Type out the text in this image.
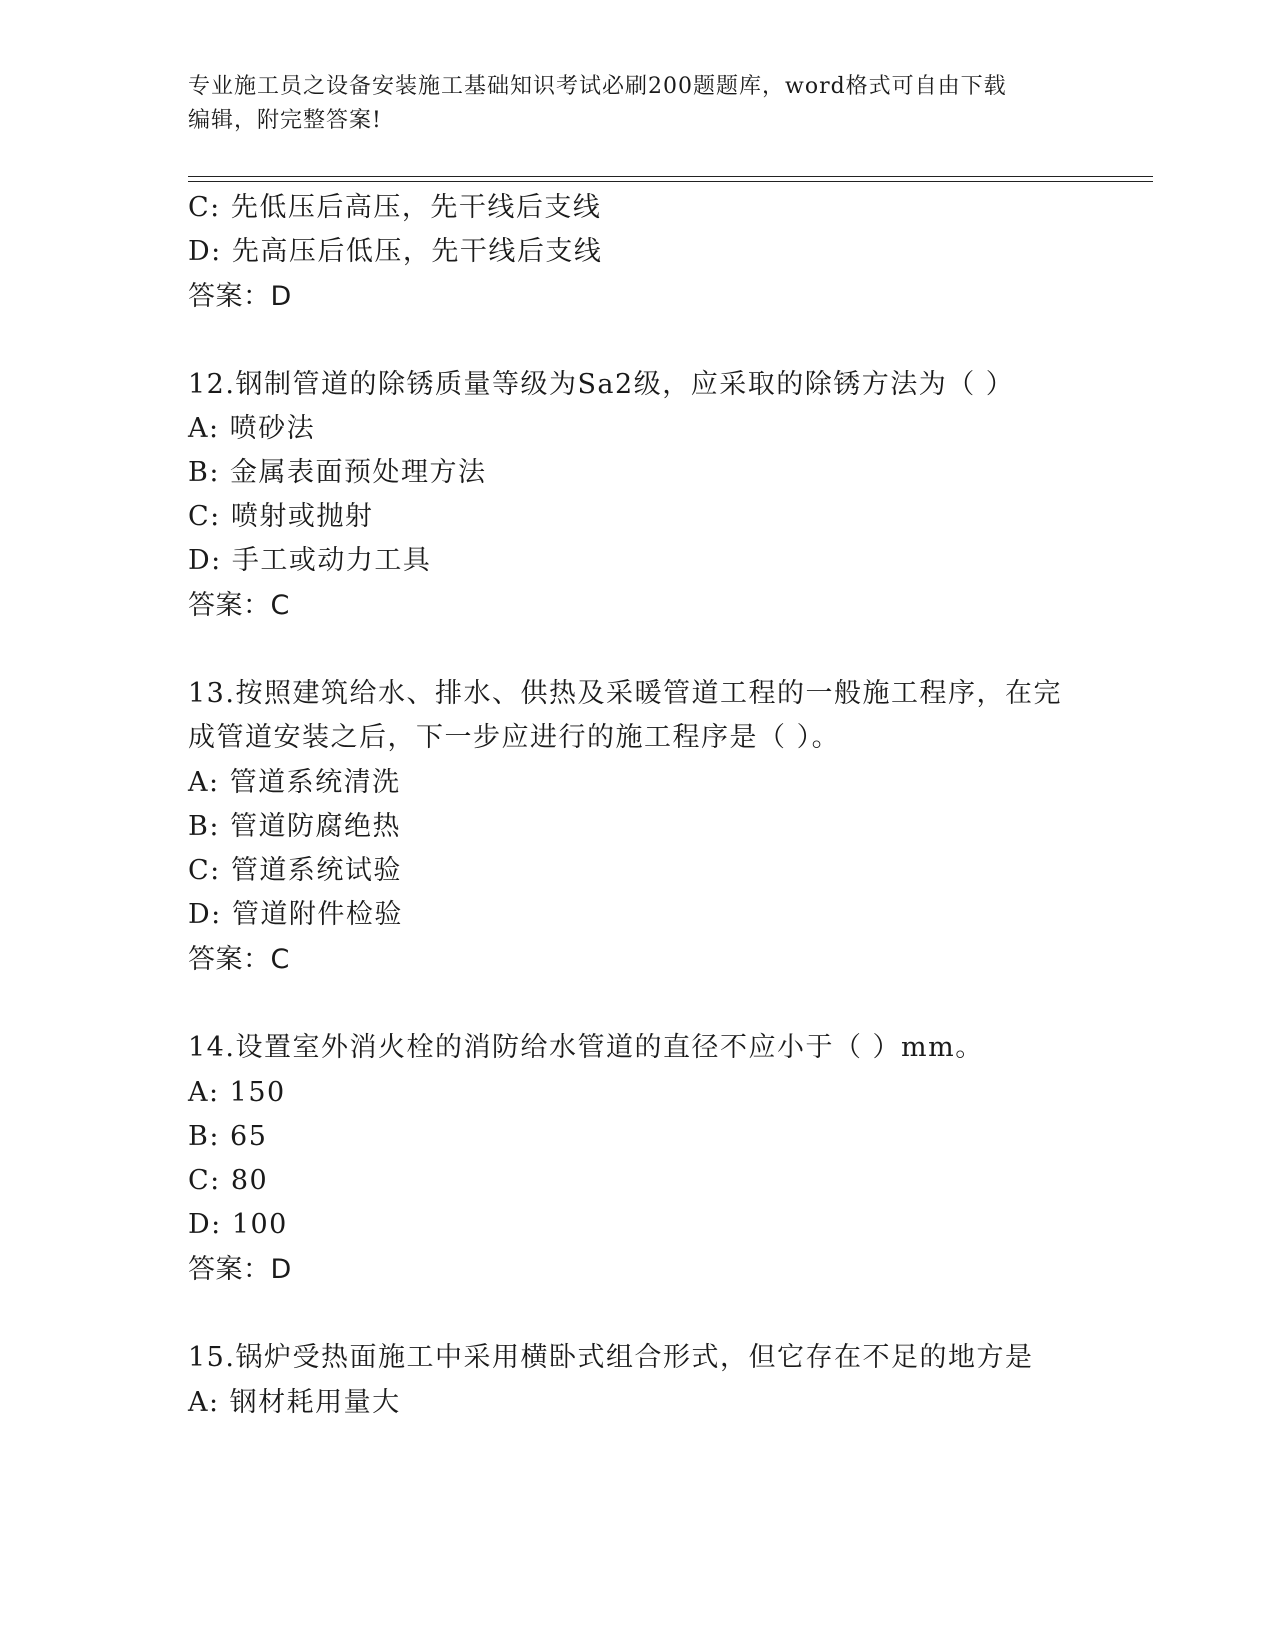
专业施工员之设备安装施工基础知识考试必刷200题题库，word格式可自由下载
编辑，附完整答案!
C: 先低压后高压，先干线后支线
D: 先高压后低压，先干线后支线
答案：D
12.钢制管道的除锈质量等级为Sa2级，应采取的除锈方法为（ ）
A: 喷砂法
B: 金属表面预处理方法
C: 喷射或抛射
D: 手工或动力工具
答案：C
13.按照建筑给水、排水、供热及采暖管道工程的一般施工程序，在完
成管道安装之后，下一步应进行的施工程序是（ ）。
A: 管道系统清洗
B: 管道防腐绝热
C: 管道系统试验
D: 管道附件检验
答案：C
14.设置室外消火栓的消防给水管道的直径不应小于（ ）mm。
A: 150
B: 65
C: 80
D: 100
答案：D
15.锅炉受热面施工中采用横卧式组合形式，但它存在不足的地方是
A: 钢材耗用量大
